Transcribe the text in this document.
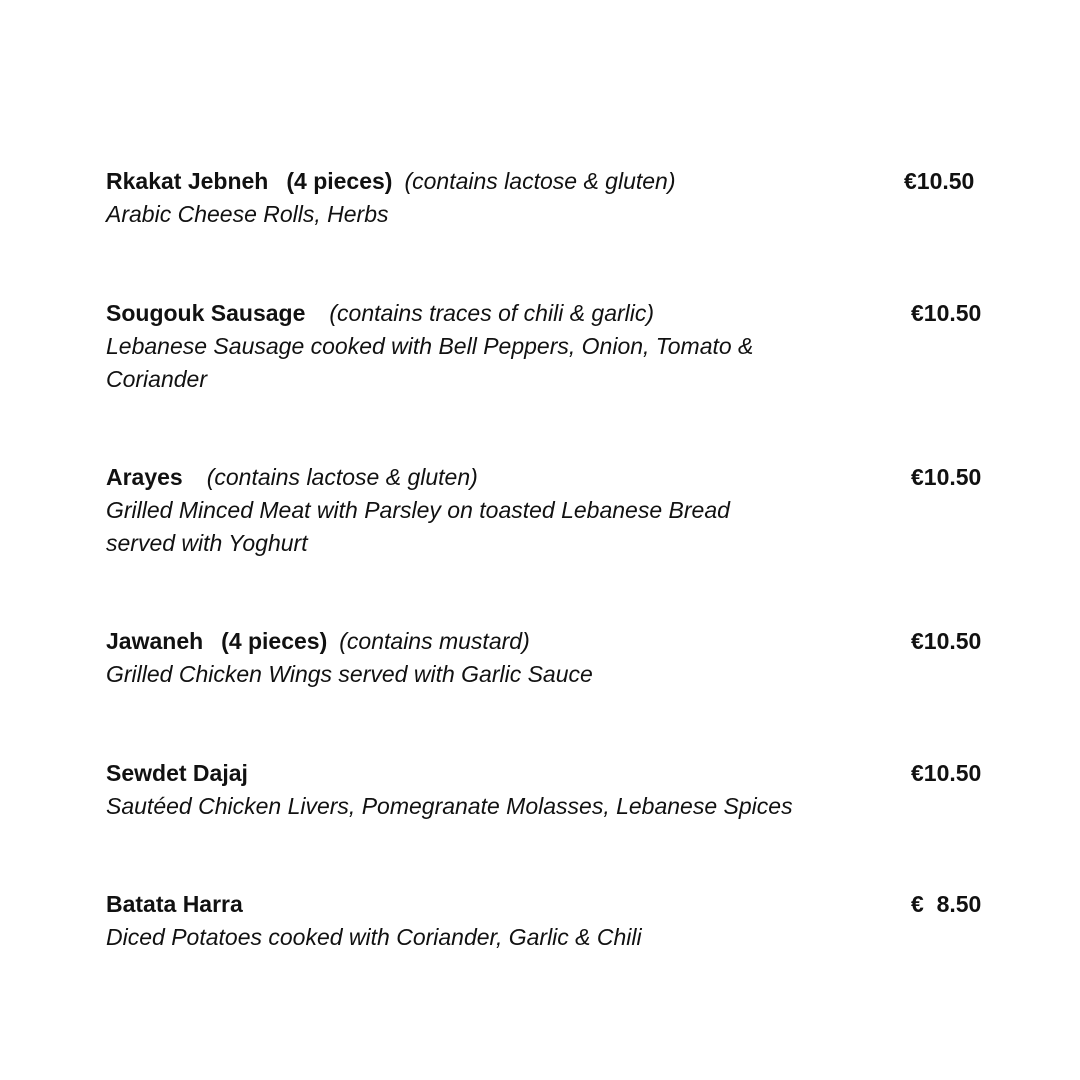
Rkakat Jebneh (4 pieces) (contains lactose & gluten)	€10.50
Arabic Cheese Rolls, Herbs
Sougouk Sausage (contains traces of chili & garlic)	€10.50
Lebanese Sausage cooked with Bell Peppers, Onion, Tomato & Coriander
Arayes (contains lactose & gluten)	€10.50
Grilled Minced Meat with Parsley on toasted Lebanese Bread served with Yoghurt
Jawaneh (4 pieces) (contains mustard)	€10.50
Grilled Chicken Wings served with Garlic Sauce
Sewdet Dajaj	€10.50
Sautéed Chicken Livers, Pomegranate Molasses, Lebanese Spices
Batata Harra	€  8.50
Diced Potatoes cooked with Coriander, Garlic & Chili
